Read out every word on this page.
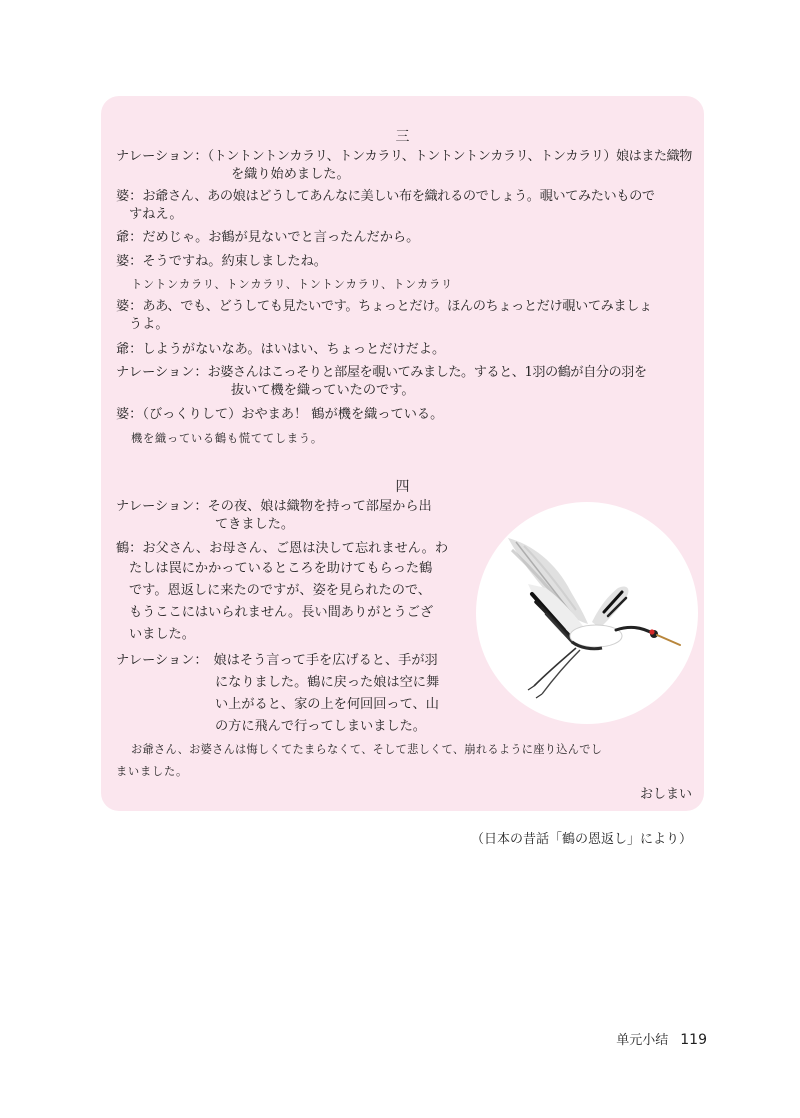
三
ナレーション：（トントントンカラリ、トンカラリ、トントントンカラリ、トンカラリ）娘はまた織物
を織り始めました。
婆：お爺さん、あの娘はどうしてあんなに美しい布を織れるのでしょう。覗いてみたいもので
すねえ。
爺：だめじゃ。お鶴が見ないでと言ったんだから。
婆：そうですね。約束しましたね。
トントンカラリ、トンカラリ、トントンカラリ、トンカラリ
婆：ああ、でも、どうしても見たいです。ちょっとだけ。ほんのちょっとだけ覗いてみましょ
うよ。
爺：しようがないなあ。はいはい、ちょっとだけだよ。
ナレーション：お婆さんはこっそりと部屋を覗いてみました。すると、1羽の鶴が自分の羽を
抜いて機を織っていたのです。
婆：（びっくりして）おやまあ！ 鶴が機を織っている。
機を織っている鶴も慌ててしまう。
四
ナレーション：その夜、娘は織物を持って部屋から出
てきました。
鶴：お父さん、お母さん、ご恩は決して忘れません。わ
たしは罠にかかっているところを助けてもらった鶴
です。恩返しに来たのですが、姿を見られたので、
もうここにはいられません。長い間ありがとうござ
いました。
ナレーション： 娘はそう言って手を広げると、手が羽
になりました。鶴に戻った娘は空に舞
い上がると、家の上を何回回って、山
の方に飛んで行ってしまいました。
お爺さん、お婆さんは悔しくてたまらなくて、そして悲しくて、崩れるように座り込んでし
まいました。
おしまい
（日本の昔話「鶴の恩返し」により）
单元小结 119
